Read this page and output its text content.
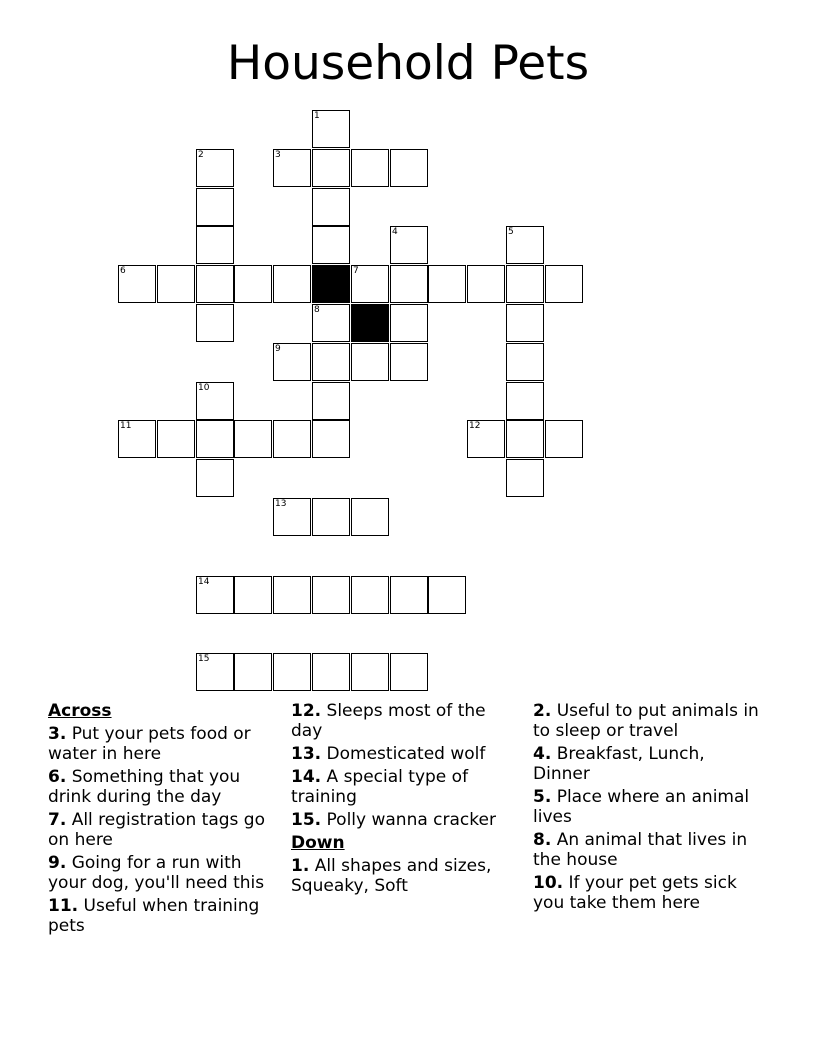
Household Pets
1
2	3
4	5
6	7
8
9
10
11	12
13
14
15
Across
3. Put your pets food or water in here
6. Something that you drink during the day
7. All registration tags go on here
9. Going for a run with your dog, you'll need this
11. Useful when training pets
12. Sleeps most of the day
13. Domesticated wolf
14. A special type of training
15. Polly wanna cracker
Down
1. All shapes and sizes, Squeaky, Soft
2. Useful to put animals in to sleep or travel
4. Breakfast, Lunch, Dinner
5. Place where an animal lives
8. An animal that lives in the house
10. If your pet gets sick you take them here
